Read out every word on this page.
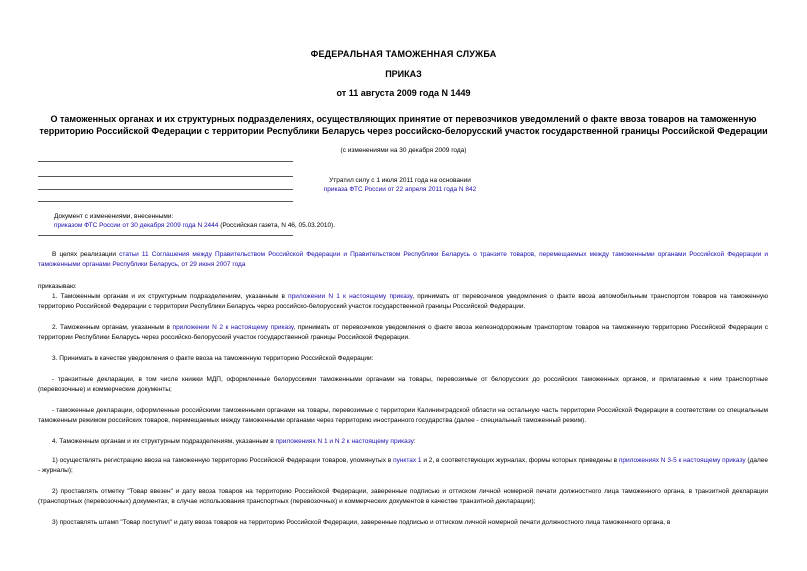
ФЕДЕРАЛЬНАЯ ТАМОЖЕННАЯ СЛУЖБА
ПРИКАЗ
от 11 августа 2009 года N 1449
О таможенных органах и их структурных подразделениях, осуществляющих принятие от перевозчиков уведомлений о факте ввоза товаров на таможенную территорию Российской Федерации с территории Республики Беларусь через российско-белорусский участок государственной границы Российской Федерации
(с изменениями на 30 декабря 2009 года)
Утратил силу с 1 июля 2011 года на основании
приказа ФТС России от 22 апреля 2011 года N 842
Документ с изменениями, внесенными:
приказом ФТС России от 30 декабря 2009 года N 2444 (Российская газета, N 46, 05.03.2010).
В целях реализации статьи 11 Соглашения между Правительством Российской Федерации и Правительством Республики Беларусь о транзите товаров, перемещаемых между таможенными органами Российской Федерации и таможенными органами Республики Беларусь, от 29 июня 2007 года
приказываю:
1. Таможенным органам и их структурным подразделениям, указанным в приложении N 1 к настоящему приказу, принимать от перевозчиков уведомления о факте ввоза автомобильным транспортом товаров на таможенную территорию Российской Федерации с территории Республики Беларусь через российско-белорусский участок государственной границы Российской Федерации.
2. Таможенным органам, указанным в приложении N 2 к настоящему приказу, принимать от перевозчиков уведомления о факте ввоза железнодорожным транспортом товаров на таможенную территорию Российской Федерации с территории Республики Беларусь через российско-белорусский участок государственной границы Российской Федерации.
3. Принимать в качестве уведомления о факте ввоза на таможенную территорию Российской Федерации:
- транзитные декларации, в том числе книжки МДП, оформленные белорусскими таможенными органами на товары, перевозимые от белорусских до российских таможенных органов, и прилагаемые к ним транспортные (перевозочные) и коммерческие документы;
- таможенные декларации, оформленные российскими таможенными органами на товары, перевозимые с территории Калининградской области на остальную часть территории Российской Федерации в соответствии со специальным таможенным режимом российских товаров, перемещаемых между таможенными органами через территорию иностранного государства (далее - специальный таможенный режим).
4. Таможенным органам и их структурным подразделениям, указанным в приложениях N 1 и N 2 к настоящему приказу:
1) осуществлять регистрацию ввоза на таможенную территорию Российской Федерации товаров, упомянутых в пунктах 1 и 2, в соответствующих журналах, формы которых приведены в приложениях N 3-5 к настоящему приказу (далее - журналы);
2) проставлять отметку "Товар ввезен" и дату ввоза товаров на территорию Российской Федерации, заверенные подписью и оттиском личной номерной печати должностного лица таможенного органа, в транзитной декларации (транспортных (перевозочных) документах, в случае использования транспортных (перевозочных) и коммерческих документов в качестве транзитной декларации);
3) проставлять штамп "Товар поступил" и дату ввоза товаров на территорию Российской Федерации, заверенные подписью и оттиском личной номерной печати должностного лица таможенного органа, в
